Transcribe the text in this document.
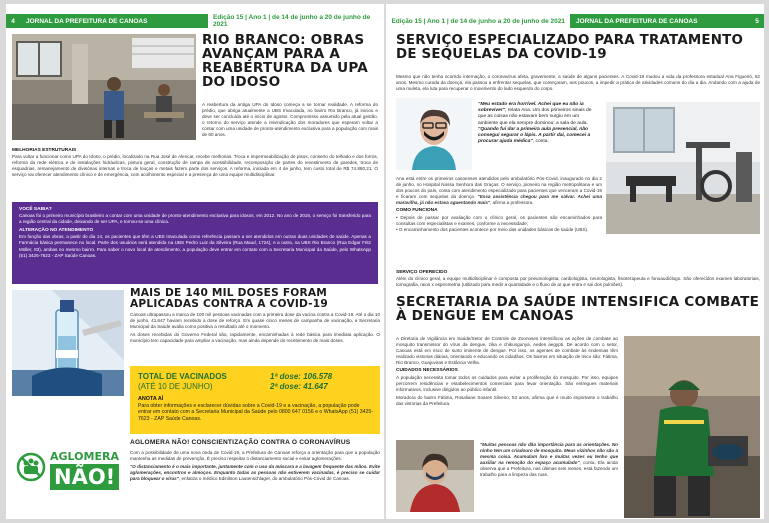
4	JORNAL DA PREFEITURA DE CANOAS	Edição 15 | Ano 1 | de 14 de junho a 20 de junho de 2021
RIO BRANCO: OBRAS AVANÇAM PARA A REABERTURA DA UPA DO IDOSO
A reabertura da antiga UPA do Idoso começa a se tornar realidade. A reforma do prédio, que abriga atualmente a UBS Imaculada, no bairro Rio Branco, já iniciou e deve ser concluída até o início de agosto. Compromisso assumido pela atual gestão, o retorno do serviço atende a reivindicação dos moradores que esperam voltar a contar com uma unidade de pronto-atendimento exclusiva para a população com mais de 60 anos.
MELHORIAS ESTRUTURAIS
Para voltar a funcionar como UPA do Idoso, o prédio, localizado na Rua José de Alencar, recebe melhorias. Troca e impermeabilização de pisos, conserto do telhado e dos forros, reforma da rede elétrica e de instalações hidráulicas, pintura geral, construção de rampa de acessibilidade, recomposição de partes do revestimento de paredes, troca de esquadrias, remanejamento de divisórias internas e troca de louças e metais fazem parte dos serviços. A reforma, iniciada em 4 de junho, tem custo total de R$ 74.880,21. O serviço vai oferecer atendimento clínico e de emergência, com acolhimento especial e a presença de uma equipe multidisciplinar.
VOCÊ SABIA?
Canoas foi o primeiro município brasileiro a contar com uma unidade de pronto-atendimento exclusiva para idosos, em 2012. No ano de 2016, o serviço foi transferido para a região central da cidade, deixando de ser UPA, e tornou-se uma clínica.
ALTERAÇÃO NO ATENDIMENTO
Em função das obras, a partir do dia 14, os pacientes que têm a UBS Imaculada como referência passam a ser atendidos em outras duas unidades de saúde. Apenas a Farmácia básica permanece no local. Parte dos usuários será atendida na UBS Pedro Luiz da Silveira (Rua Maud, 1724), e a outra, na UBS Rio Branco (Rua Edgar Fritz Müller, 83), ambas no mesmo bairro. Para saber o novo local de atendimento, a população deve entrar em contato com a Secretaria Municipal da Saúde, pelo WhatsApp (51) 3425-7623 - ZAP Saúde Canoas.
MAIS DE 140 MIL DOSES FORAM APLICADAS CONTRA A COVID-19

Canoas ultrapassou a marca de 100 mil pessoas vacinadas com a primeira dose da vacina contra a Covid-19. Até o dia 10 de junho, 41.647 haviam recebido a dose de reforço. Em quase cinco meses de campanha de vacinação, a Secretaria Municipal da Saúde avalia como positiva a resultado até o momento.

As doses recebidas do Governo Federal são, rapidamente, encaminhadas à rede básica para imediata aplicação. O município tem capacidade para ampliar a vacinação, mas ainda depende do recebimento de mais doses.

TOTAL DE VACINADOS
(ATÉ 10 DE JUNHO)
1ª dose: 106.578
2ª dose: 41.647
ANOTA AÍ
Para obter informações e esclarecer dúvidas sobre a Covid-19 e a vacinação, a população pode entrar em contato com a Secretaria Municipal da Saúde pelo 0800 647 0156 e o WhatsApp (51) 3425-7623 - ZAP Saúde Canoas.
AGLOMERA
NÃO!
AGLOMERA NÃO! CONSCIENTIZAÇÃO CONTRA O CORONAVÍRUS

Com a possibilidade de uma nova onda de Covid-19, a Prefeitura de Canoas reforça a orientação para que a população mantenha as medidas de prevenção. É preciso respeitar o distanciamento social e evitar aglomerações.

"O distanciamento é o mais importante, juntamente com o uso da máscara e a lavagem frequente das mãos. Evite aglomerações, encontros e almoços. Enquanto todas as pessoas não estiverem vacinadas, é preciso se cuidar para bloquear o vírus", enfatiza o médico Edinilson Lautenschlager, do ambulatório Pós-Covid de Canoas.

Edição 15 | Ano 1 | de 14 de junho a 20 de junho de 2021	JORNAL DA PREFEITURA DE CANOAS	5
SERVIÇO ESPECIALIZADO PARA TRATAMENTO DE SEQUELAS DA COVID-19
Mesmo que não tenha ocorrido internação, o coronavírus afeta, gravemente, a saúde de alguns pacientes. A Covid-19 mudou a vida da professora estadual Ana Figueiró, 62 anos. Mesmo curada da doença, ela passou a enfrentar sequelas, que começaram, aos poucos, a impedir a prática de atividades comuns do dia a dia. Andando com a ajuda de uma muleta, ela luta para recuperar o movimento do lado esquerdo do corpo.
"Meu estado era horrível. Achei que eu não ia sobreviver", relata Ana. Um dos primeiros sinais de que as coisas não estavam bem surgiu em um ambiente que ela sempre dominou: a sala de aula.
"Quando fui dar a primeira aula presencial, não consegui segurar o lápis. A partir daí, comecei a procurar ajuda médica", conta.

Ana está entre os primeiros canoenses atendidos pelo ambulatório Pós-Covid, inaugurado no dia 2 de junho, no Hospital Nossa Senhora das Graças. O serviço, pioneiro na região metropolitana e um dos poucos do país, conta com atendimento especializado para pacientes que venceram a Covid-19 e ficaram com sequelas da doença. "Essa assistência chegou para me salvar. Achei uma maravilha, já não estava aguentando mais", afirma a professora.

COMO FUNCIONA
• Depois de passar por avaliação com o clínico geral, os pacientes são encaminhados para consultas com especialistas e exames, conforme a necessidade;
• O encaminhamento dos pacientes acontece por meio das unidades básicas de saúde (UBS).
SERVIÇO OFERECIDO
Além do clínico geral, a equipe multidisciplinar é composta por pneumologista, cardiologista, neurologista, fisioterapeuta e fonoaudiólogo. São oferecidos exames laboratoriais, tomografia, raios x espirometria (utilizado para medir a quantidade e o fluxo de ar que entra e sai dos pulmões).
SECRETARIA DA SAÚDE INTENSIFICA COMBATE À DENGUE EM CANOAS

A Diretoria de Vigilância em Saúde/Setor de Controle de Zoonoses intensificou as ações de combate ao mosquito transmissor do vírus da dengue, zika e chikungunya, Aedes aegypti. De acordo com o setor, Canoas está em risco de surto iminente de dengue. Por isso, os agentes de combate às endemias têm realizado vistorias diárias, orientando e educando os cidadãos. Os bairros em situação de risco são: Fátima, Rio Branco, Guajuviras e Estância Velha.

CUIDADOS NECESSÁRIOS

A população necessita tomar todos os cuidados para evitar a proliferação do mosquito. Por isso, equipes percorrem residências e estabelecimentos comerciais para levar orientação. São entregues materiais informativos, inclusive dirigidos ao público infantil.

Moradora do bairro Fátima, Rosaliane Soares Silveiro, 53 anos, afirma que é muito importante o trabalho das vistorias da Prefeitura.

"Muitas pessoas não dão importância para as orientações. No ninho tem um criadouro de mosquito. Meus vizinhos não são a mesma coisa. Acumulam lixo e muitas vezes eu tenho que auxiliar na remoção do espaço acumulado", conta. Ela ainda observa que a Prefeitura, nas últimas seis meses, está fazendo um trabalho para a limpeza das ruas.
